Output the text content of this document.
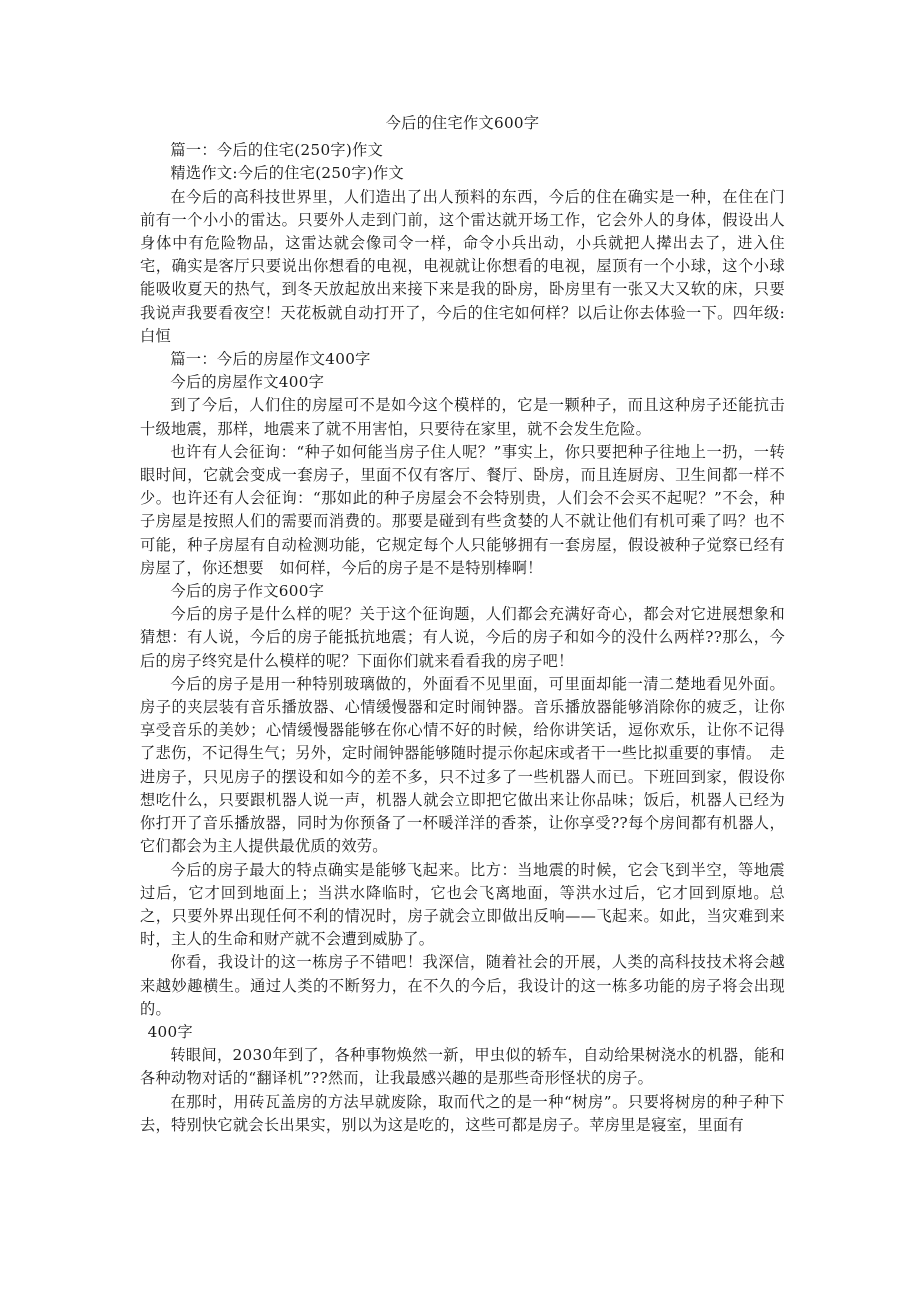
今后的住宅作文600字

篇一：今后的住宅(250字)作文

精选作文:今后的住宅(250字)作文

在今后的高科技世界里，人们造出了出人预料的东西，今后的住在确实是一种，在住在门前有一个小小的雷达。只要外人走到门前，这个雷达就开场工作，它会外人的身体，假设出人身体中有危险物品，这雷达就会像司令一样，命令小兵出动，小兵就把人撵出去了，进入住宅，确实是客厅只要说出你想看的电视，电视就让你想看的电视，屋顶有一个小球，这个小球能吸收夏天的热气，到冬天放起放出来接下来是我的卧房，卧房里有一张又大又软的床，只要我说声我要看夜空！天花板就自动打开了，今后的住宅如何样？以后让你去体验一下。四年级:白恒

篇一：今后的房屋作文400字

今后的房屋作文400字

到了今后，人们住的房屋可不是如今这个模样的，它是一颗种子，而且这种房子还能抗击十级地震，那样，地震来了就不用害怕，只要待在家里，就不会发生危险。

也许有人会征询：“种子如何能当房子住人呢？”事实上，你只要把种子往地上一扔，一转眼时间，它就会变成一套房子，里面不仅有客厅、餐厅、卧房，而且连厨房、卫生间都一样不少。也许还有人会征询：“那如此的种子房屋会不会特别贵，人们会不会买不起呢？”不会，种子房屋是按照人们的需要而消费的。那要是碰到有些贪婪的人不就让他们有机可乘了吗？也不可能，种子房屋有自动检测功能，它规定每个人只能够拥有一套房屋，假设被种子觉察已经有房屋了，你还想要　如何样，今后的房子是不是特别棒啊！

今后的房子作文600字

今后的房子是什么样的呢？关于这个征询题，人们都会充满好奇心，都会对它进展想象和猜想：有人说，今后的房子能抵抗地震；有人说，今后的房子和如今的没什么两样??那么，今后的房子终究是什么模样的呢？下面你们就来看看我的房子吧！

今后的房子是用一种特别玻璃做的，外面看不见里面，可里面却能一清二楚地看见外面。房子的夹层装有音乐播放器、心情缓慢器和定时闹钟器。音乐播放器能够消除你的疲乏，让你享受音乐的美妙；心情缓慢器能够在你心情不好的时候，给你讲笑话，逗你欢乐，让你不记得了悲伤，不记得生气；另外，定时闹钟器能够随时提示你起床或者干一些比拟重要的事情。　走进房子，只见房子的摆设和如今的差不多，只不过多了一些机器人而已。下班回到家，假设你想吃什么，只要跟机器人说一声，机器人就会立即把它做出来让你品味；饭后，机器人已经为你打开了音乐播放器，同时为你预备了一杯暖洋洋的香茶，让你享受??每个房间都有机器人，它们都会为主人提供最优质的效劳。

今后的房子最大的特点确实是能够飞起来。比方：当地震的时候，它会飞到半空，等地震过后，它才回到地面上；当洪水降临时，它也会飞离地面，等洪水过后，它才回到原地。总之，只要外界出现任何不利的情况时，房子就会立即做出反响——飞起来。如此，当灾难到来时，主人的生命和财产就不会遭到威胁了。

你看，我设计的这一栋房子不错吧！我深信，随着社会的开展，人类的高科技技术将会越来越妙趣横生。通过人类的不断努力，在不久的今后，我设计的这一栋多功能的房子将会出现的。

400字

转眼间，2030年到了，各种事物焕然一新，甲虫似的轿车，自动给果树浇水的机器，能和各种动物对话的“翻译机”??然而，让我最感兴趣的是那些奇形怪状的房子。

在那时，用砖瓦盖房的方法早就废除，取而代之的是一种“树房”。只要将树房的种子种下去，特别快它就会长出果实，别以为这是吃的，这些可都是房子。苹房里是寝室，里面有
